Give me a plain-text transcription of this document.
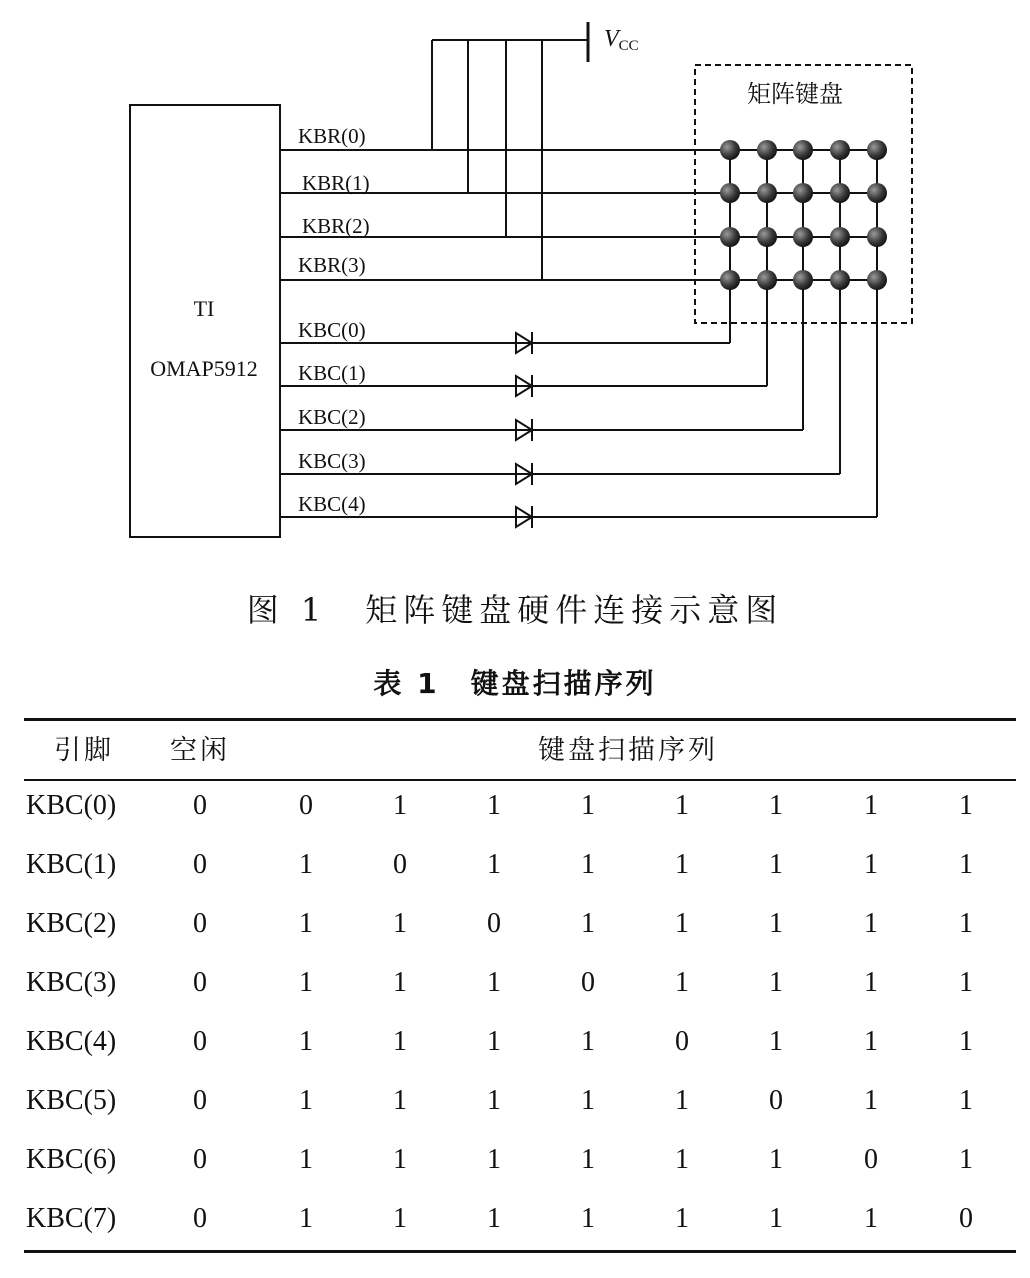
TI
OMAP5912
VCC
KBR(0)
KBR(1)
KBR(2)
KBR(3)
KBC(0)
KBC(1)
KBC(2)
KBC(3)
KBC(4)
矩阵键盘
图 1　矩阵键盘硬件连接示意图
表 1　键盘扫描序列
引脚 空闲	键盘扫描序列
KBC(0)	0	0	1	1	1	1	1	1	1
KBC(1)	0	1	0	1	1	1	1	1	1
KBC(2)	0	1	1	0	1	1	1	1	1
KBC(3)	0	1	1	1	0	1	1	1	1
KBC(4)	0	1	1	1	1	0	1	1	1
KBC(5)	0	1	1	1	1	1	0	1	1
KBC(6)	0	1	1	1	1	1	1	0	1
KBC(7)	0	1	1	1	1	1	1	1	0
